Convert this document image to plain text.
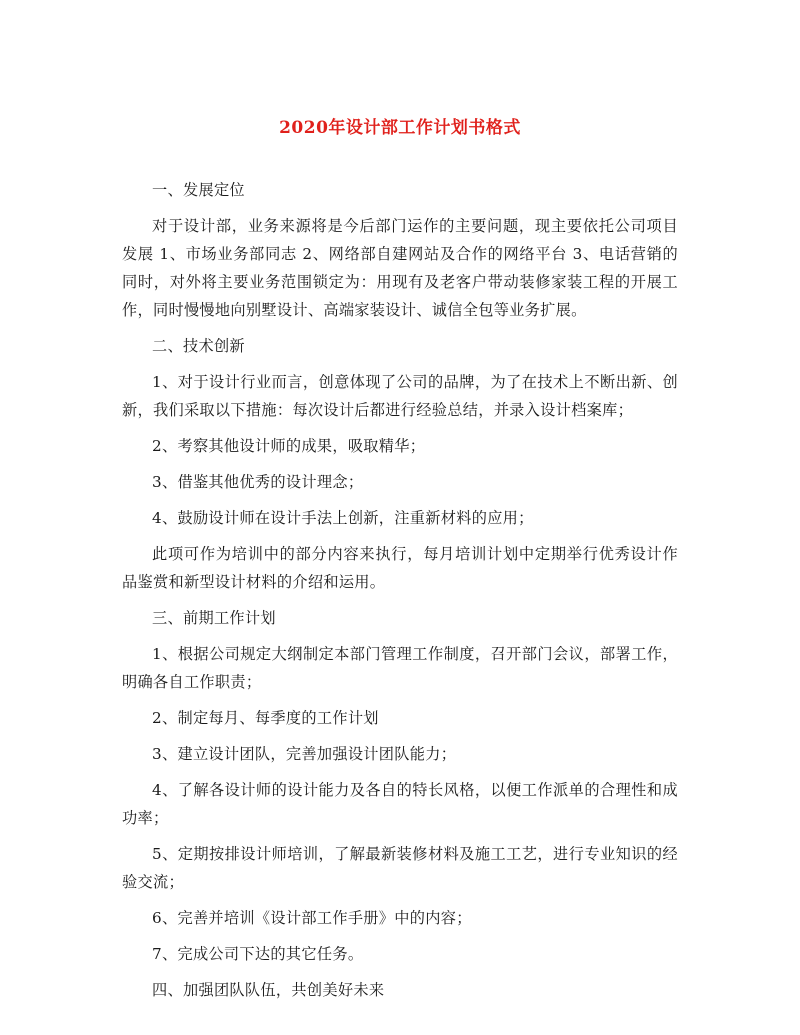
2020年设计部工作计划书格式

一、发展定位

对于设计部，业务来源将是今后部门运作的主要问题，现主要依托公司项目发展 1、市场业务部同志 2、网络部自建网站及合作的网络平台 3、电话营销的同时，对外将主要业务范围锁定为：用现有及老客户带动装修家装工程的开展工作，同时慢慢地向别墅设计、高端家装设计、诚信全包等业务扩展。

二、技术创新

1、对于设计行业而言，创意体现了公司的品牌，为了在技术上不断出新、创新，我们采取以下措施：每次设计后都进行经验总结，并录入设计档案库；

2、考察其他设计师的成果，吸取精华；

3、借鉴其他优秀的设计理念；

4、鼓励设计师在设计手法上创新，注重新材料的应用；

此项可作为培训中的部分内容来执行，每月培训计划中定期举行优秀设计作品鉴赏和新型设计材料的介绍和运用。

三、前期工作计划

1、根据公司规定大纲制定本部门管理工作制度，召开部门会议，部署工作，明确各自工作职责；

2、制定每月、每季度的工作计划

3、建立设计团队，完善加强设计团队能力；

4、了解各设计师的设计能力及各自的特长风格，以便工作派单的合理性和成功率；

5、定期按排设计师培训，了解最新装修材料及施工工艺，进行专业知识的经验交流；

6、完善并培训《设计部工作手册》中的内容；

7、完成公司下达的其它任务。

四、加强团队队伍，共创美好未来
